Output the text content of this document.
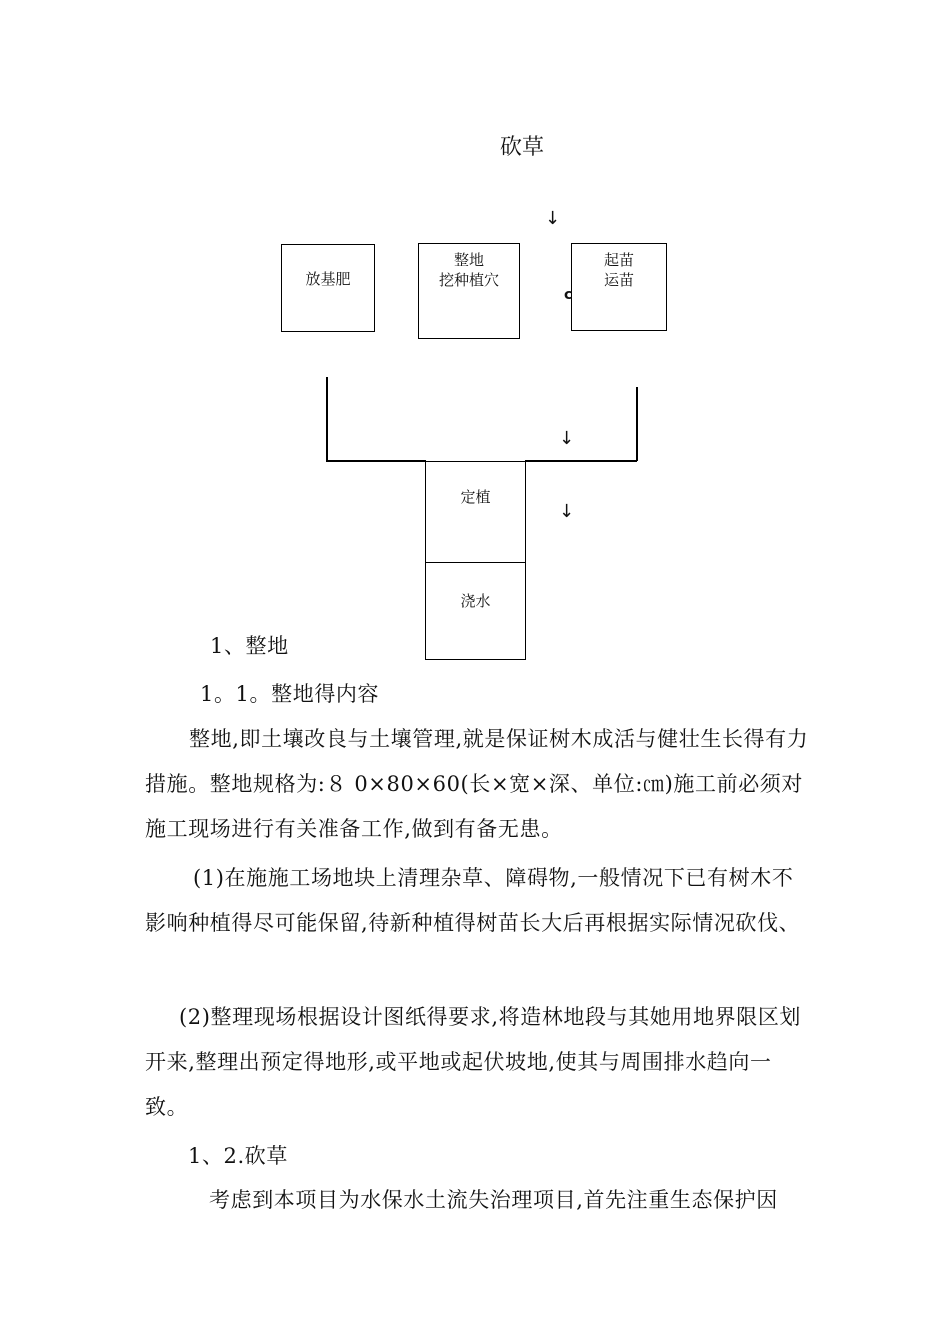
砍草
↓
放基肥
整地
挖种植穴
起苗
运苗
c
↓
↓
定植
浇水
1、整地
1。1。整地得内容
整地,即土壤改良与土壤管理,就是保证树木成活与健壮生长得有力措施。整地规格为:８ 0×80×60(长×宽×深、单位:㎝)施工前必须对施工现场进行有关准备工作,做到有备无患。
(1)在施施工场地块上清理杂草、障碍物,一般情况下已有树木不影响种植得尽可能保留,待新种植得树苗长大后再根据实际情况砍伐、
(2)整理现场根据设计图纸得要求,将造林地段与其她用地界限区划开来,整理出预定得地形,或平地或起伏坡地,使其与周围排水趋向一致。
1、2.砍草
考虑到本项目为水保水土流失治理项目,首先注重生态保护因
